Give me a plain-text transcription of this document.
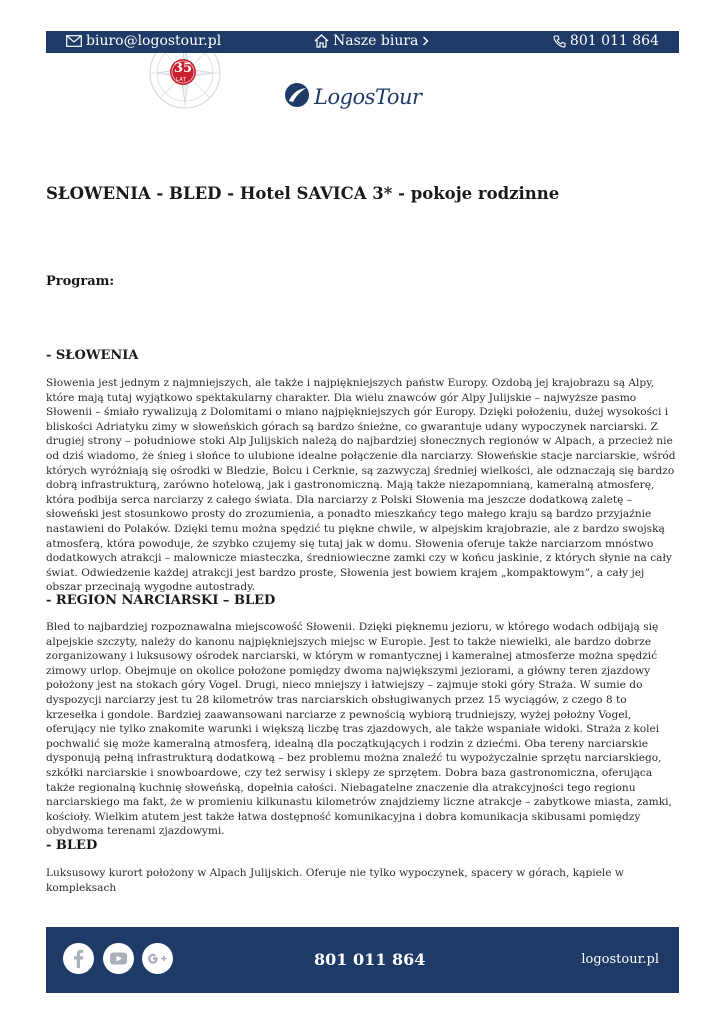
biuro@logostour.pl	Nasze biura	801 011 864
35
LAT
LogosTour
SŁOWENIA - BLED - Hotel SAVICA 3* - pokoje rodzinne

Program:

- SŁOWENIA

Słowenia jest jednym z najmniejszych, ale także i najpiękniejszych państw Europy. Ozdobą jej krajobrazu są Alpy, które mają tutaj wyjątkowo spektakularny charakter. Dla wielu znawców gór Alpy Julijskie – najwyższe pasmo Słowenii – śmiało rywalizują z Dolomitami o miano najpiękniejszych gór Europy. Dzięki położeniu, dużej wysokości i bliskości Adriatyku zimy w słoweńskich górach są bardzo śnieżne, co gwarantuje udany wypoczynek narciarski. Z drugiej strony – południowe stoki Alp Julijskich należą do najbardziej słonecznych regionów w Alpach, a przecież nie od dziś wiadomo, że śnieg i słońce to ulubione idealne połączenie dla narciarzy. Słoweńskie stacje narciarskie, wśród których wyróżniają się ośrodki w Bledzie, Bolcu i Cerknie, są zazwyczaj średniej wielkości, ale odznaczają się bardzo dobrą infrastrukturą, zarówno hotelową, jak i gastronomiczną. Mają także niezapomnianą, kameralną atmosferę, która podbija serca narciarzy z całego świata. Dla narciarzy z Polski Słowenia ma jeszcze dodatkową zaletę – słoweński jest stosunkowo prosty do zrozumienia, a ponadto mieszkańcy tego małego kraju są bardzo przyjaźnie nastawieni do Polaków. Dzięki temu można spędzić tu piękne chwile, w alpejskim krajobrazie, ale z bardzo swojską atmosferą, która powoduje, że szybko czujemy się tutaj jak w domu. Słowenia oferuje także narciarzom mnóstwo dodatkowych atrakcji – malownicze miasteczka, średniowieczne zamki czy w końcu jaskinie, z których słynie na cały świat. Odwiedzenie każdej atrakcji jest bardzo proste, Słowenia jest bowiem krajem „kompaktowym”, a cały jej obszar przecinają wygodne autostrady.

- REGION NARCIARSKI – BLED

Bled to najbardziej rozpoznawalna miejscowość Słowenii. Dzięki pięknemu jezioru, w którego wodach odbijają się alpejskie szczyty, należy do kanonu najpiękniejszych miejsc w Europie. Jest to także niewielki, ale bardzo dobrze zorganizowany i luksusowy ośrodek narciarski, w którym w romantycznej i kameralnej atmosferze można spędzić zimowy urlop. Obejmuje on okolice położone pomiędzy dwoma największymi jeziorami, a główny teren zjazdowy położony jest na stokach góry Vogel. Drugi, nieco mniejszy i łatwiejszy – zajmuje stoki góry Straża. W sumie do dyspozycji narciarzy jest tu 28 kilometrów tras narciarskich obsługiwanych przez 15 wyciągów, z czego 8 to krzesełka i gondole. Bardziej zaawansowani narciarze z pewnością wybiorą trudniejszy, wyżej położny Vogel, oferujący nie tylko znakomite warunki i większą liczbę tras zjazdowych, ale także wspaniałe widoki. Straża z kolei pochwalić się może kameralną atmosferą, idealną dla początkujących i rodzin z dziećmi. Oba tereny narciarskie dysponują pełną infrastrukturą dodatkową – bez problemu można znaleźć tu wypożyczalnie sprzętu narciarskiego, szkółki narciarskie i snowboardowe, czy też serwisy i sklepy ze sprzętem. Dobra baza gastronomiczna, oferująca także regionalną kuchnię słoweńską, dopełnia całości. Niebagatelne znaczenie dla atrakcyjności tego regionu narciarskiego ma fakt, że w promieniu kilkunastu kilometrów znajdziemy liczne atrakcje – zabytkowe miasta, zamki, kościoły. Wielkim atutem jest także łatwa dostępność komunikacyjna i dobra komunikacja skibusami pomiędzy obydwoma terenami zjazdowymi.

- BLED

Luksusowy kurort położony w Alpach Julijskich. Oferuje nie tylko wypoczynek, spacery w górach, kąpiele w kompleksach

801 011 864	logostour.pl
